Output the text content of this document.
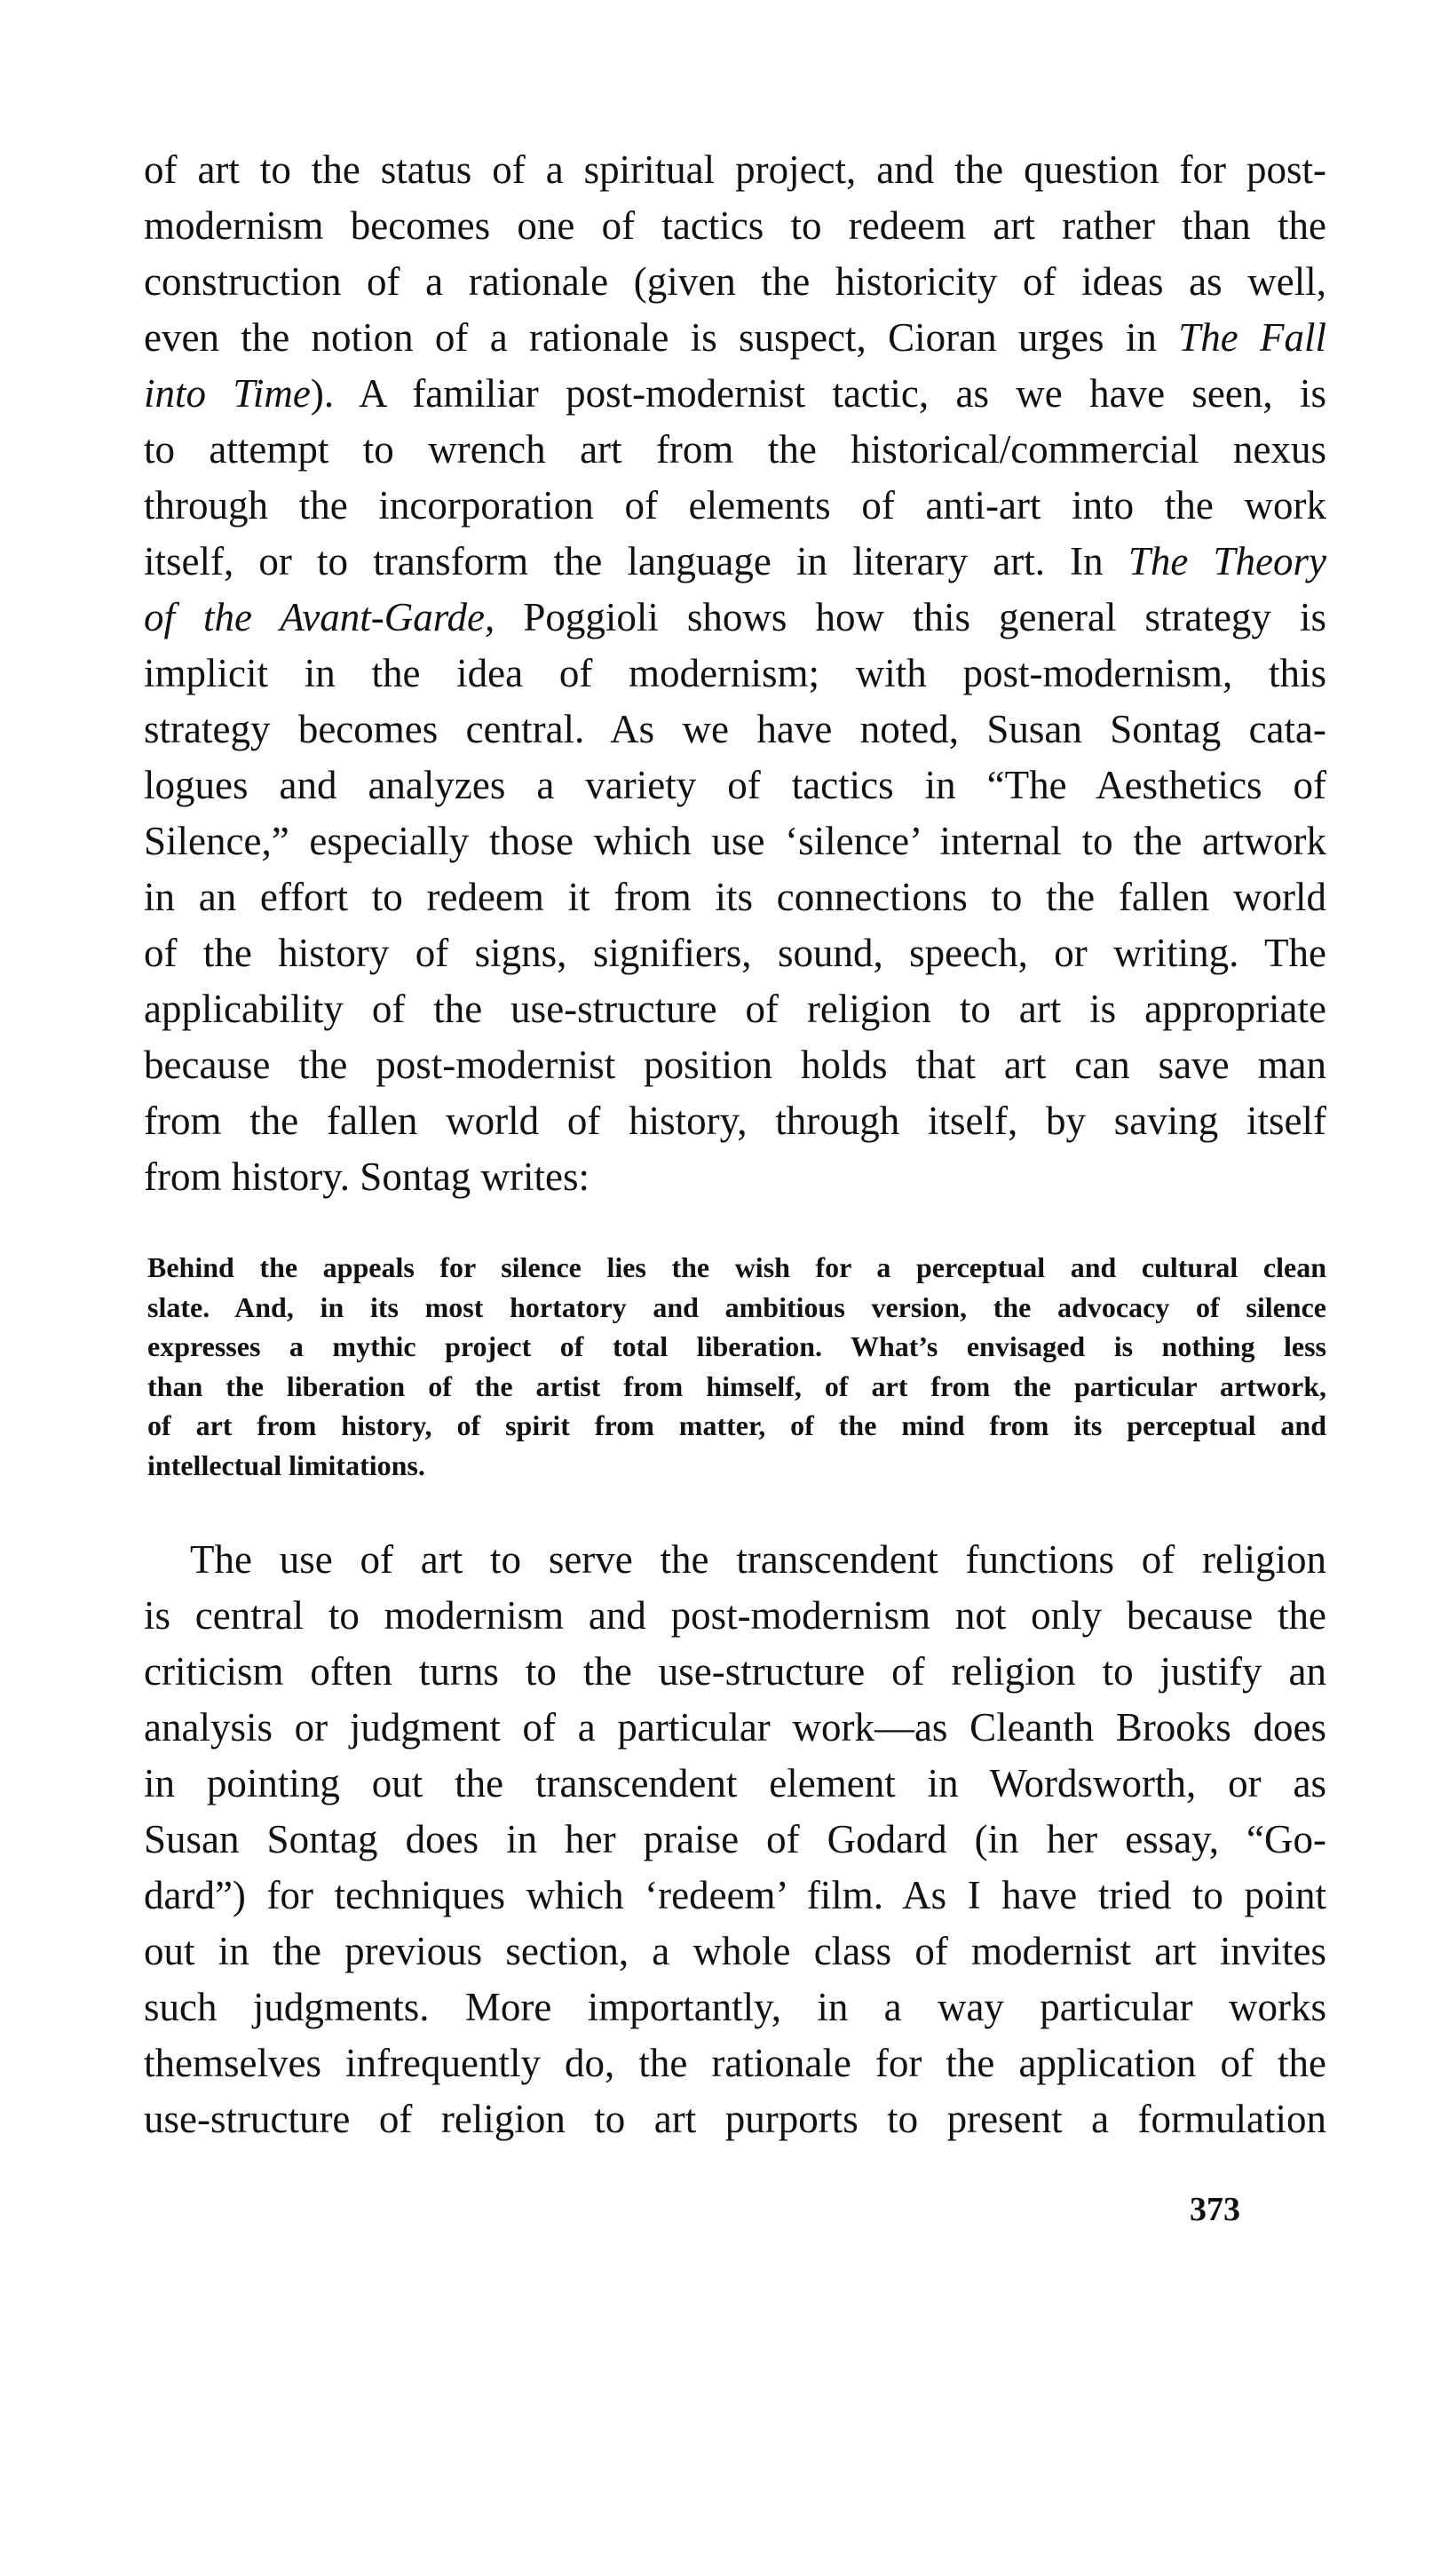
of art to the status of a spiritual project, and the question for post-
modernism becomes one of tactics to redeem art rather than the
construction of a rationale (given the historicity of ideas as well,
even the notion of a rationale is suspect, Cioran urges in The Fall
into Time). A familiar post-modernist tactic, as we have seen, is
to attempt to wrench art from the historical/commercial nexus
through the incorporation of elements of anti-art into the work
itself, or to transform the language in literary art. In The Theory
of the Avant-Garde, Poggioli shows how this general strategy is
implicit in the idea of modernism; with post-modernism, this
strategy becomes central. As we have noted, Susan Sontag cata-
logues and analyzes a variety of tactics in “The Aesthetics of
Silence,” especially those which use ‘silence’ internal to the artwork
in an effort to redeem it from its connections to the fallen world
of the history of signs, signifiers, sound, speech, or writing. The
applicability of the use-structure of religion to art is appropriate
because the post-modernist position holds that art can save man
from the fallen world of history, through itself, by saving itself
from history. Sontag writes:
Behind the appeals for silence lies the wish for a perceptual and cultural clean
slate. And, in its most hortatory and ambitious version, the advocacy of silence
expresses a mythic project of total liberation. What’s envisaged is nothing less
than the liberation of the artist from himself, of art from the particular artwork,
of art from history, of spirit from matter, of the mind from its perceptual and
intellectual limitations.
The use of art to serve the transcendent functions of religion
is central to modernism and post-modernism not only because the
criticism often turns to the use-structure of religion to justify an
analysis or judgment of a particular work—as Cleanth Brooks does
in pointing out the transcendent element in Wordsworth, or as
Susan Sontag does in her praise of Godard (in her essay, “Go-
dard”) for techniques which ‘redeem’ film. As I have tried to point
out in the previous section, a whole class of modernist art invites
such judgments. More importantly, in a way particular works
themselves infrequently do, the rationale for the application of the
use-structure of religion to art purports to present a formulation
373
